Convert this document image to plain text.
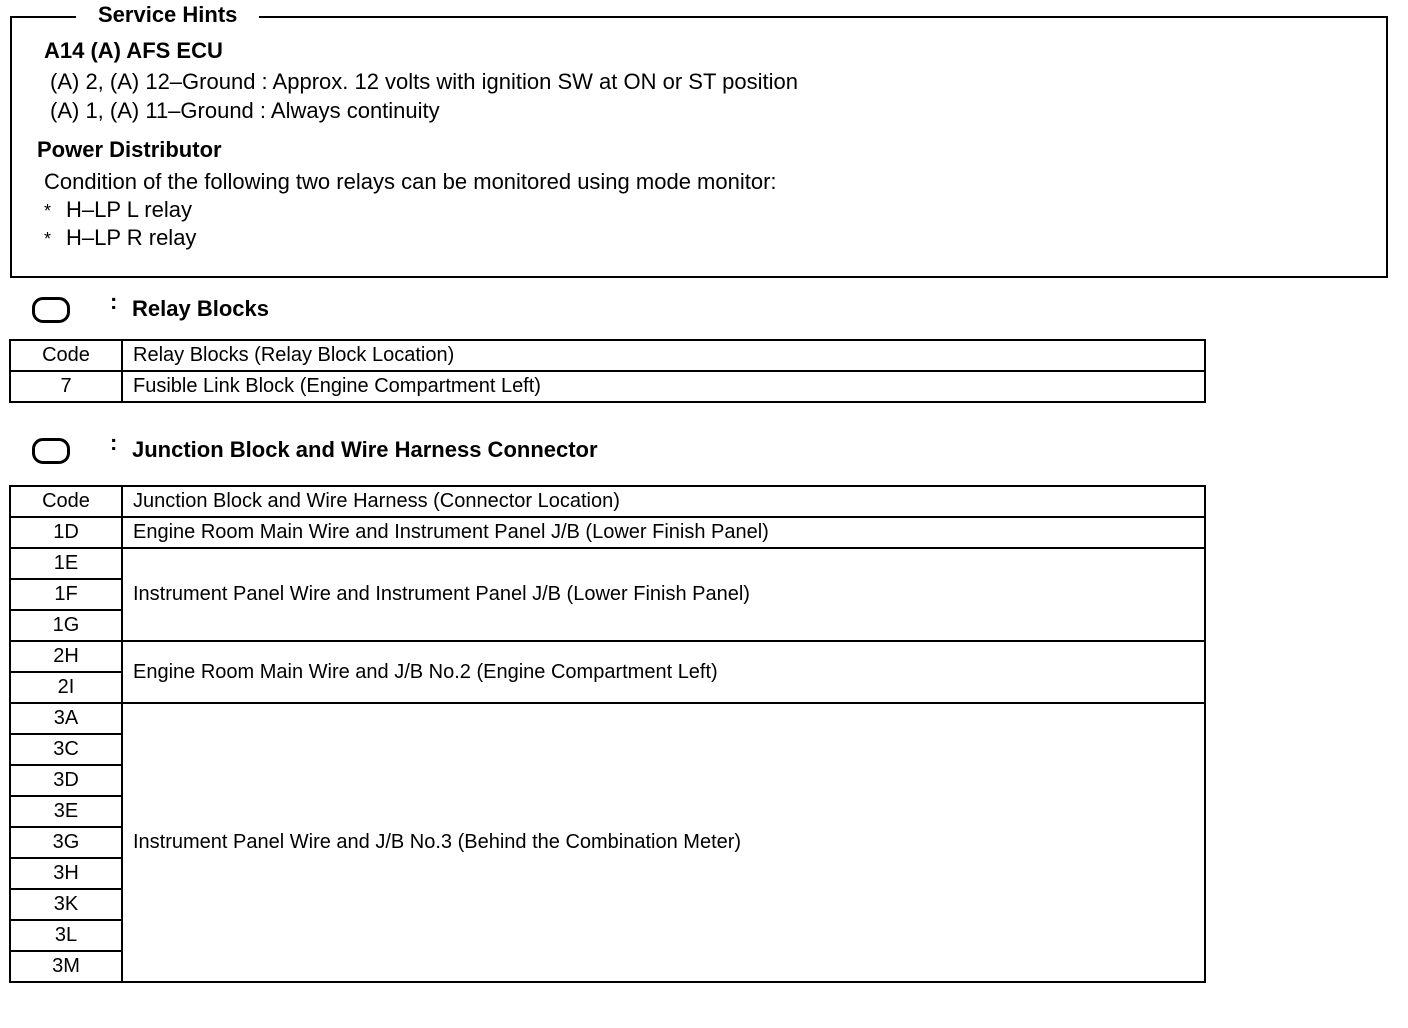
Service Hints
A14 (A) AFS ECU
(A) 2, (A) 12–Ground : Approx. 12 volts with ignition SW at ON or ST position
(A) 1, (A) 11–Ground : Always continuity
Power Distributor
Condition of the following two relays can be monitored using mode monitor:
* H–LP L relay
* H–LP R relay
: Relay Blocks
Code	Relay Blocks (Relay Block Location)
7	Fusible Link Block (Engine Compartment Left)
: Junction Block and Wire Harness Connector
Code	Junction Block and Wire Harness (Connector Location)
1D	Engine Room Main Wire and Instrument Panel J/B (Lower Finish Panel)
1E	Instrument Panel Wire and Instrument Panel J/B (Lower Finish Panel)
1F	
1G	
2H	Engine Room Main Wire and J/B No.2 (Engine Compartment Left)
2I	
3A	Instrument Panel Wire and J/B No.3 (Behind the Combination Meter)
3C	
3D	
3E	
3G	
3H	
3K	
3L	
3M	
